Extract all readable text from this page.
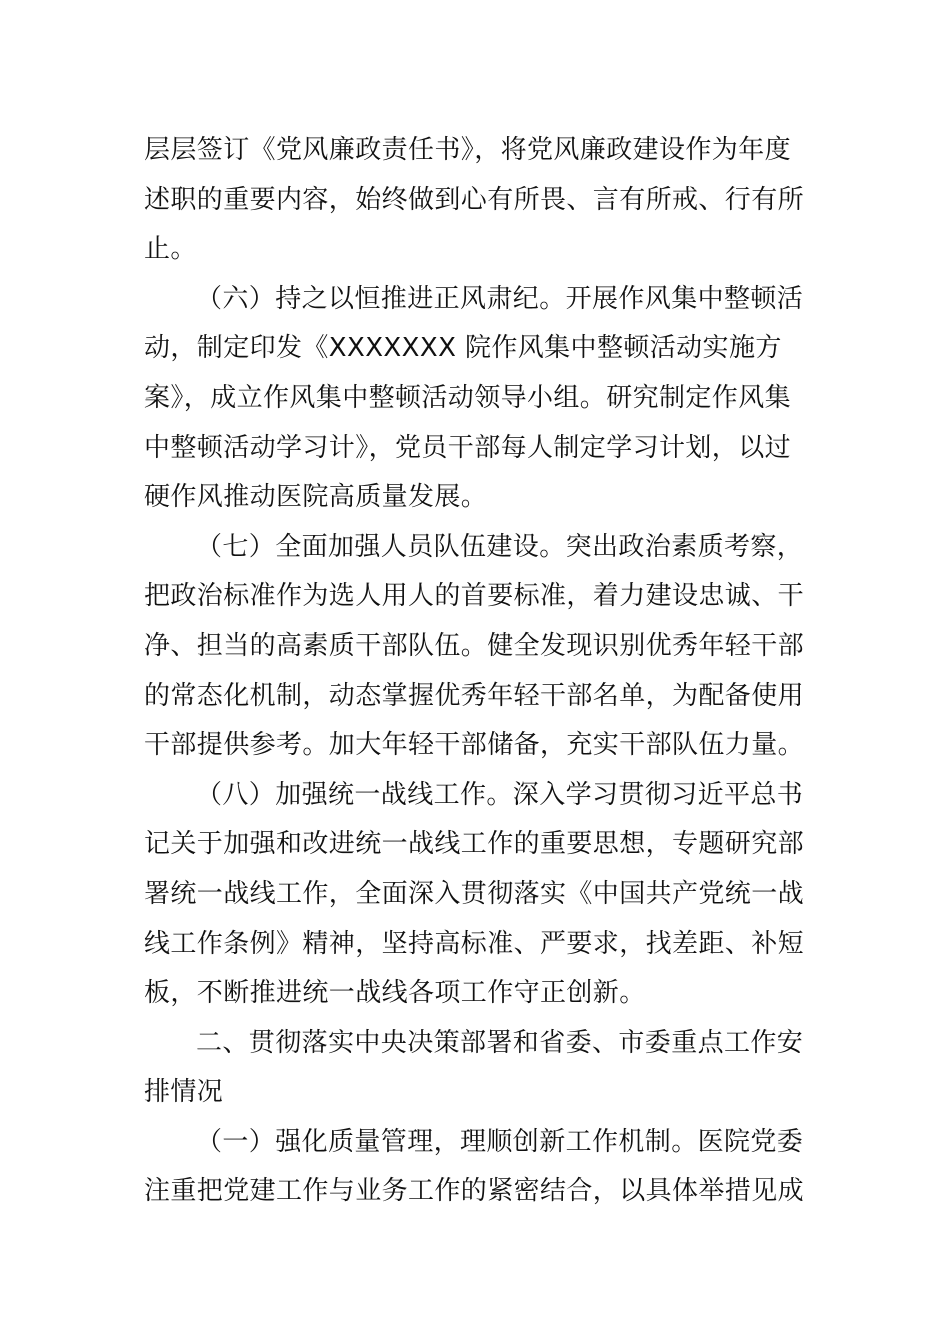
层层签订《党风廉政责任书》，将党风廉政建设作为年度
述职的重要内容，始终做到心有所畏、言有所戒、行有所
止。
（六）持之以恒推进正风肃纪。开展作风集中整顿活
动，制定印发《XXXXXXX 院作风集中整顿活动实施方
案》，成立作风集中整顿活动领导小组。研究制定作风集
中整顿活动学习计》，党员干部每人制定学习计划，以过
硬作风推动医院高质量发展。
（七）全面加强人员队伍建设。突出政治素质考察，
把政治标准作为选人用人的首要标准，着力建设忠诚、干
净、担当的高素质干部队伍。健全发现识别优秀年轻干部
的常态化机制，动态掌握优秀年轻干部名单，为配备使用
干部提供参考。加大年轻干部储备，充实干部队伍力量。
（八）加强统一战线工作。深入学习贯彻习近平总书
记关于加强和改进统一战线工作的重要思想，专题研究部
署统一战线工作，全面深入贯彻落实《中国共产党统一战
线工作条例》精神，坚持高标准、严要求，找差距、补短
板，不断推进统一战线各项工作守正创新。
二、贯彻落实中央决策部署和省委、市委重点工作安
排情况
（一）强化质量管理，理顺创新工作机制。医院党委
注重把党建工作与业务工作的紧密结合，以具体举措见成
